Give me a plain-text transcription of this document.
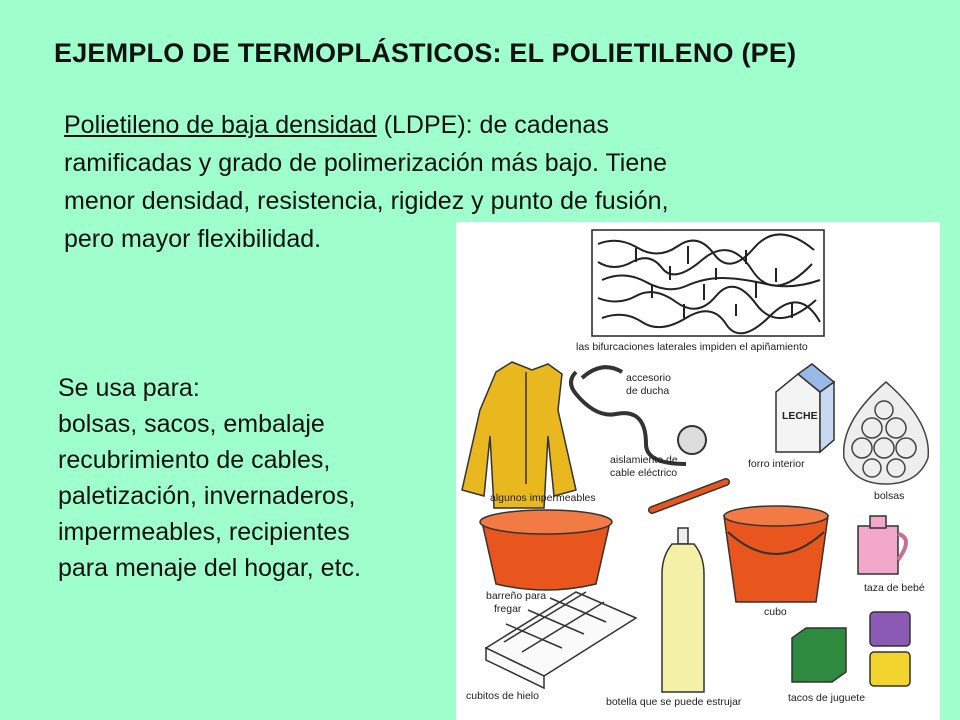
EJEMPLO DE TERMOPLÁSTICOS: EL POLIETILENO (PE)
Polietileno de baja densidad (LDPE): de cadenas
ramificadas y grado de polimerización más bajo. Tiene
menor densidad, resistencia, rigidez y punto de fusión,
pero mayor flexibilidad.
Se usa para:
bolsas, sacos, embalaje
recubrimiento de cables,
paletización, invernaderos,
impermeables, recipientes
para menaje del hogar, etc.
las bifurcaciones laterales impiden el apiñamiento
algunos impermeables
accesorio
de ducha
aislamiento de
cable eléctrico
LECHE
forro interior
bolsas
barreño para
fregar	cubo
taza de bebé
cubitos de hielo	botella que se puede estrujar	tacos de juguete
